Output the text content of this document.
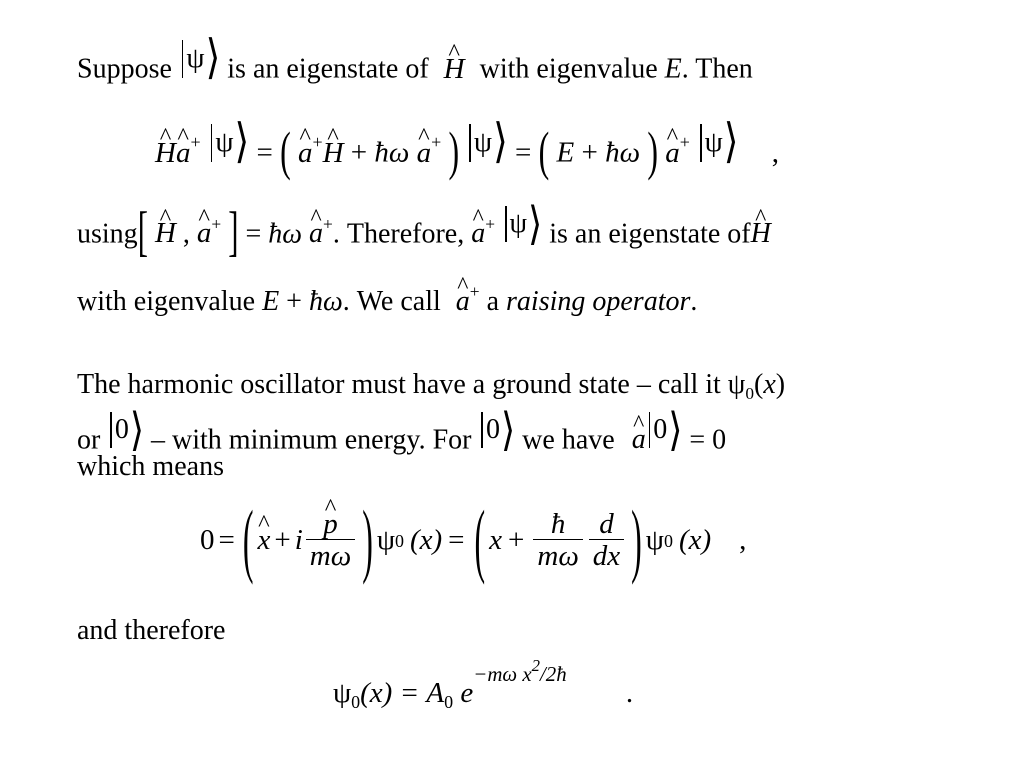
Suppose ψ ⟩ is an eigenstate of ^ H with eigenvalue E. Then
^ H^ a+ ψ ⟩ = ( ^ a+^ H + ħω ^ a+ ) ψ ⟩ = ( E + ħω ) ^ a+ ψ ⟩ ,
using[ ^ H , ^ a+ ] = ħω ^ a+. Therefore, ^ a+ ψ ⟩ is an eigenstate of^ H
with eigenvalue E + ħω. We call ^ a+ a raising operator.
The harmonic oscillator must have a ground state – call it $\psi_0(x)$
or 0 ⟩ – with minimum energy. For 0 ⟩ we have ^ a 0 ⟩ = 0
which means
0 = ( ^ x + i ^ $\frac{p}{m\omega}$ ) ψ 0 (x) = ( $x + \frac{ħ}{m\omega} \frac{d}{dx}$ ) ψ 0 (x) ,
and therefore
$\psi_0(x) = A_0$ $e^{-m\omega x^2/2ħ}$ .
